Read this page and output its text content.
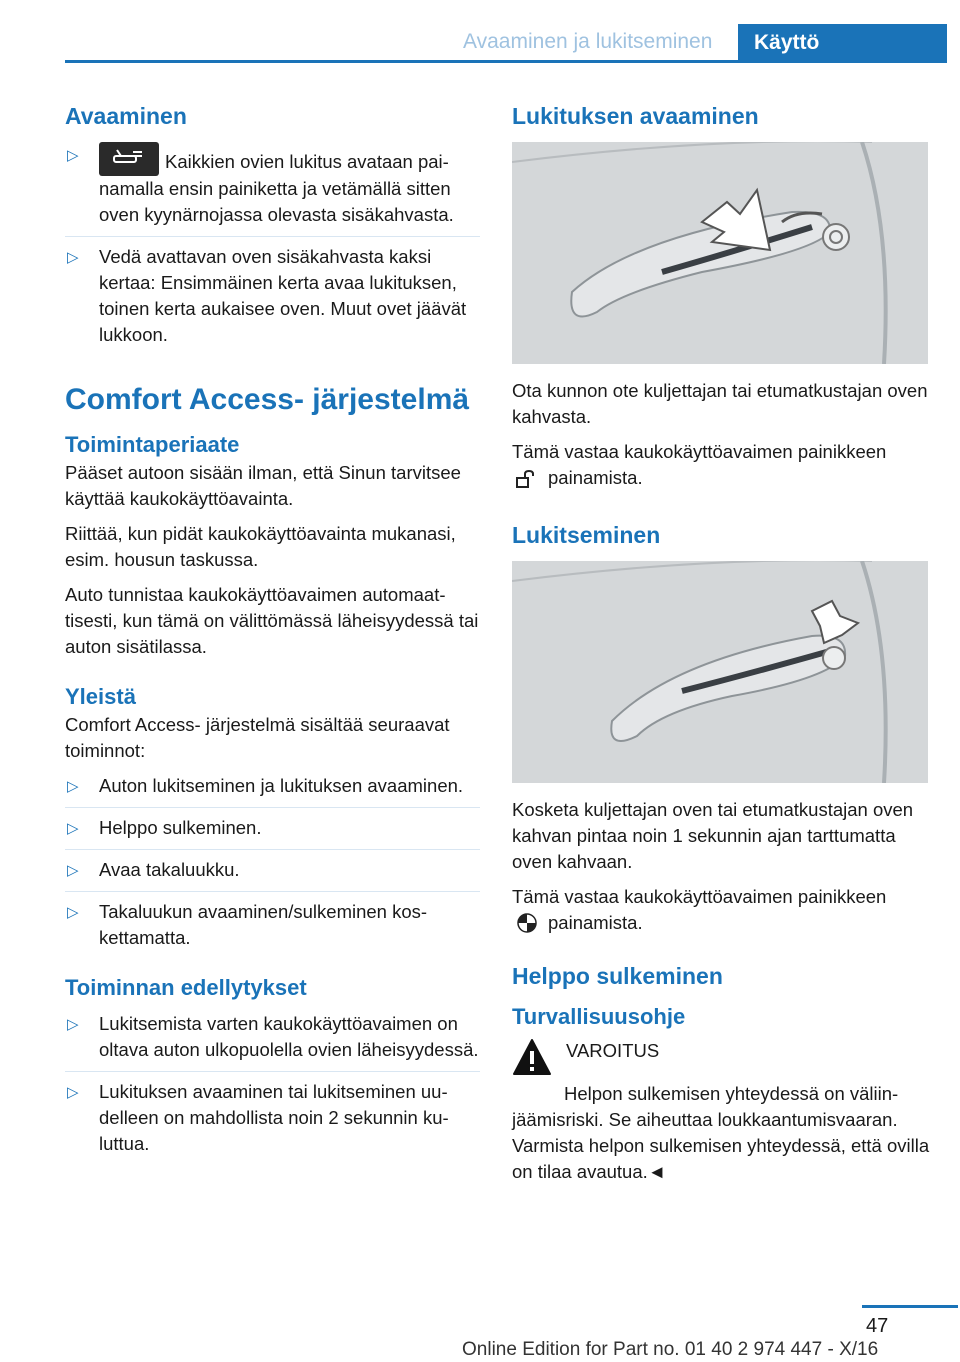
Avaaminen ja lukitseminen	Käyttö
Avaaminen
▷	Kaikkien ovien lukitus avataan painamalla ensin painiketta ja vetämällä sitten oven kyynärnojassa olevasta sisäkahvasta.
▷ Vedä avattavan oven sisäkahvasta kaksi kertaa: Ensimmäinen kerta avaa lukituksen, toinen kerta aukaisee oven. Muut ovet jäävät lukkoon.
Comfort Access- järjestelmä
Toimintaperiaate

Pääset autoon sisään ilman, että Sinun tarvitsee käyttää kaukokäyttöavainta.

Riittää, kun pidät kaukokäyttöavainta mukanasi, esim. housun taskussa.

Auto tunnistaa kaukokäyttöavaimen automaattisesti, kun tämä on välittömässä läheisyydessä tai auton sisätilassa.

Yleistä

Comfort Access- järjestelmä sisältää seuraavat toiminnot:

▷ Auton lukitseminen ja lukituksen avaaminen.
▷ Helppo sulkeminen.
▷ Avaa takaluukku.
▷ Takaluukun avaaminen/sulkeminen koskettamatta.
Toiminnan edellytykset
▷ Lukitsemista varten kaukokäyttöavaimen on oltava auton ulkopuolella ovien läheisyydessä.
▷ Lukituksen avaaminen tai lukitseminen uudelleen on mahdollista noin 2 sekunnin kuluttua.
Lukituksen avaaminen

Ota kunnon ote kuljettajan tai etumatkustajan oven kahvasta.

Tämä vastaa kaukokäyttöavaimen painikkeen
painamista.

Lukitseminen

Kosketa kuljettajan oven tai etumatkustajan oven kahvan pintaa noin 1 sekunnin ajan tarttumatta oven kahvaan.

Tämä vastaa kaukokäyttöavaimen painikkeen
painamista.

Helppo sulkeminen
Turvallisuusohje

VAROITUS

Helpon sulkemisen yhteydessä on väliinjäämisriski. Se aiheuttaa loukkaantumisvaaran. Varmista helpon sulkemisen yhteydessä, että ovilla on tilaa avautua.◄

47
Online Edition for Part no. 01 40 2 974 447 - X/16
